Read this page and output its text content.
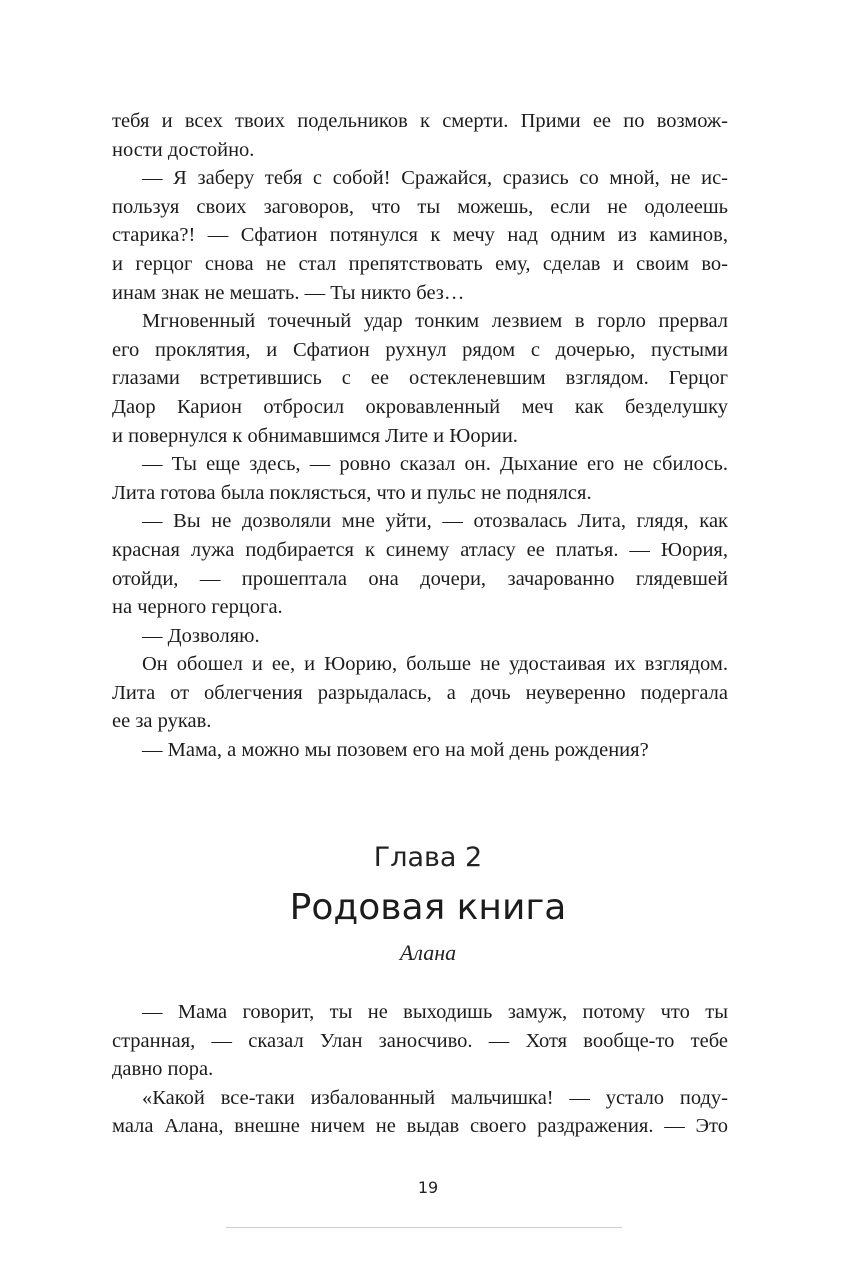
тебя и всех твоих подельников к смерти. Прими ее по возмож-
ности достойно.
— Я заберу тебя с собой! Сражайся, сразись со мной, не ис-
пользуя своих заговоров, что ты можешь, если не одолеешь
старика?! — Сфатион потянулся к мечу над одним из каминов,
и герцог снова не стал препятствовать ему, сделав и своим во-
инам знак не мешать. — Ты никто без…
Мгновенный точечный удар тонким лезвием в горло прервал
его проклятия, и Сфатион рухнул рядом с дочерью, пустыми
глазами встретившись с ее остекленевшим взглядом. Герцог
Даор Карион отбросил окровавленный меч как безделушку
и повернулся к обнимавшимся Лите и Юории.
— Ты еще здесь, — ровно сказал он. Дыхание его не сбилось.
Лита готова была поклясться, что и пульс не поднялся.
— Вы не дозволяли мне уйти, — отозвалась Лита, глядя, как
красная лужа подбирается к синему атласу ее платья. — Юория,
отойди, — прошептала она дочери, зачарованно глядевшей
на черного герцога.
— Дозволяю.
Он обошел и ее, и Юорию, больше не удостаивая их взглядом.
Лита от облегчения разрыдалась, а дочь неуверенно подергала
ее за рукав.
— Мама, а можно мы позовем его на мой день рождения?
Глава 2
Родовая книга
Алана
— Мама говорит, ты не выходишь замуж, потому что ты
странная, — сказал Улан заносчиво. — Хотя вообще-то тебе
давно пора.
«Какой все-таки избалованный мальчишка! — устало поду-
мала Алана, внешне ничем не выдав своего раздражения. — Это
19
